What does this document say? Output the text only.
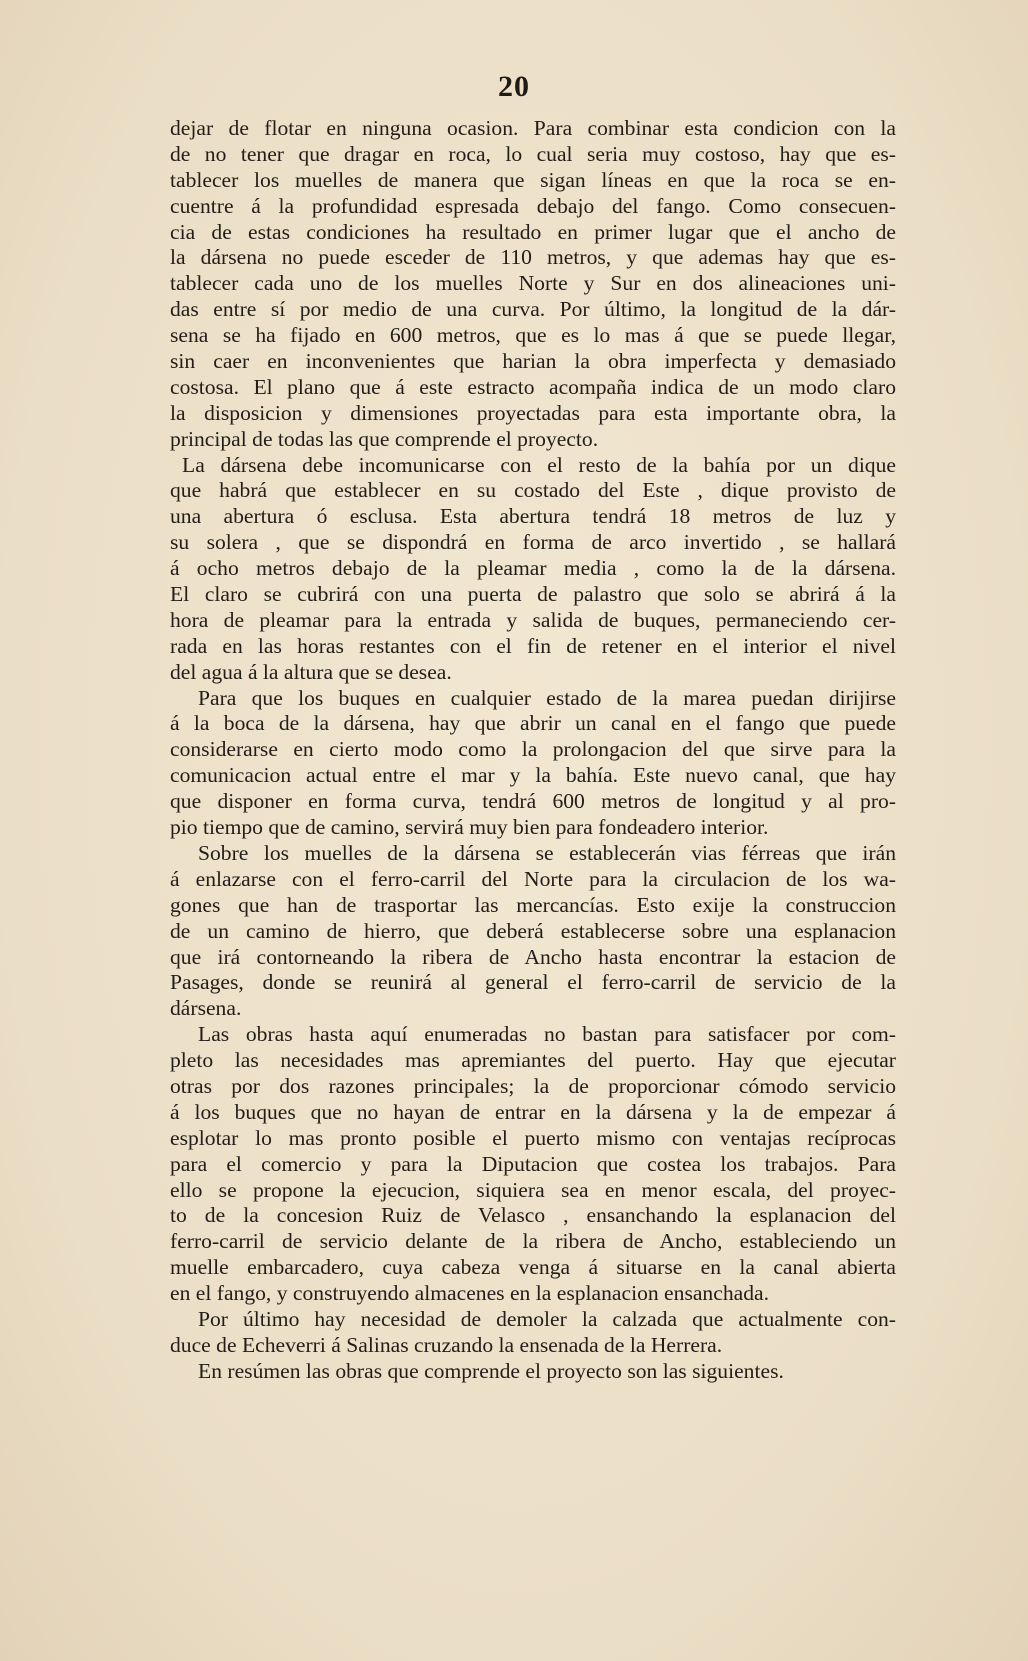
20
dejar de flotar en ninguna ocasion. Para combinar esta condicion con la
de no tener que dragar en roca, lo cual seria muy costoso, hay que es-
tablecer los muelles de manera que sigan líneas en que la roca se en-
cuentre á la profundidad espresada debajo del fango. Como consecuen-
cia de estas condiciones ha resultado en primer lugar que el ancho de
la dársena no puede esceder de 110 metros, y que ademas hay que es-
tablecer cada uno de los muelles Norte y Sur en dos alineaciones uni-
das entre sí por medio de una curva. Por último, la longitud de la dár-
sena se ha fijado en 600 metros, que es lo mas á que se puede llegar,
sin caer en inconvenientes que harian la obra imperfecta y demasiado
costosa. El plano que á este estracto acompaña indica de un modo claro
la disposicion y dimensiones proyectadas para esta importante obra, la
principal de todas las que comprende el proyecto.
La dársena debe incomunicarse con el resto de la bahía por un dique
que habrá que establecer en su costado del Este , dique provisto de
una abertura ó esclusa. Esta abertura tendrá 18 metros de luz y
su solera , que se dispondrá en forma de arco invertido , se hallará
á ocho metros debajo de la pleamar media , como la de la dársena.
El claro se cubrirá con una puerta de palastro que solo se abrirá á la
hora de pleamar para la entrada y salida de buques, permaneciendo cer-
rada en las horas restantes con el fin de retener en el interior el nivel
del agua á la altura que se desea.
Para que los buques en cualquier estado de la marea puedan dirijirse
á la boca de la dársena, hay que abrir un canal en el fango que puede
considerarse en cierto modo como la prolongacion del que sirve para la
comunicacion actual entre el mar y la bahía. Este nuevo canal, que hay
que disponer en forma curva, tendrá 600 metros de longitud y al pro-
pio tiempo que de camino, servirá muy bien para fondeadero interior.
Sobre los muelles de la dársena se establecerán vias férreas que irán
á enlazarse con el ferro-carril del Norte para la circulacion de los wa-
gones que han de trasportar las mercancías. Esto exije la construccion
de un camino de hierro, que deberá establecerse sobre una esplanacion
que irá contorneando la ribera de Ancho hasta encontrar la estacion de
Pasages, donde se reunirá al general el ferro-carril de servicio de la
dársena.
Las obras hasta aquí enumeradas no bastan para satisfacer por com-
pleto las necesidades mas apremiantes del puerto. Hay que ejecutar
otras por dos razones principales; la de proporcionar cómodo servicio
á los buques que no hayan de entrar en la dársena y la de empezar á
esplotar lo mas pronto posible el puerto mismo con ventajas recíprocas
para el comercio y para la Diputacion que costea los trabajos. Para
ello se propone la ejecucion, siquiera sea en menor escala, del proyec-
to de la concesion Ruiz de Velasco , ensanchando la esplanacion del
ferro-carril de servicio delante de la ribera de Ancho, estableciendo un
muelle embarcadero, cuya cabeza venga á situarse en la canal abierta
en el fango, y construyendo almacenes en la esplanacion ensanchada.
Por último hay necesidad de demoler la calzada que actualmente con-
duce de Echeverri á Salinas cruzando la ensenada de la Herrera.
En resúmen las obras que comprende el proyecto son las siguientes.
